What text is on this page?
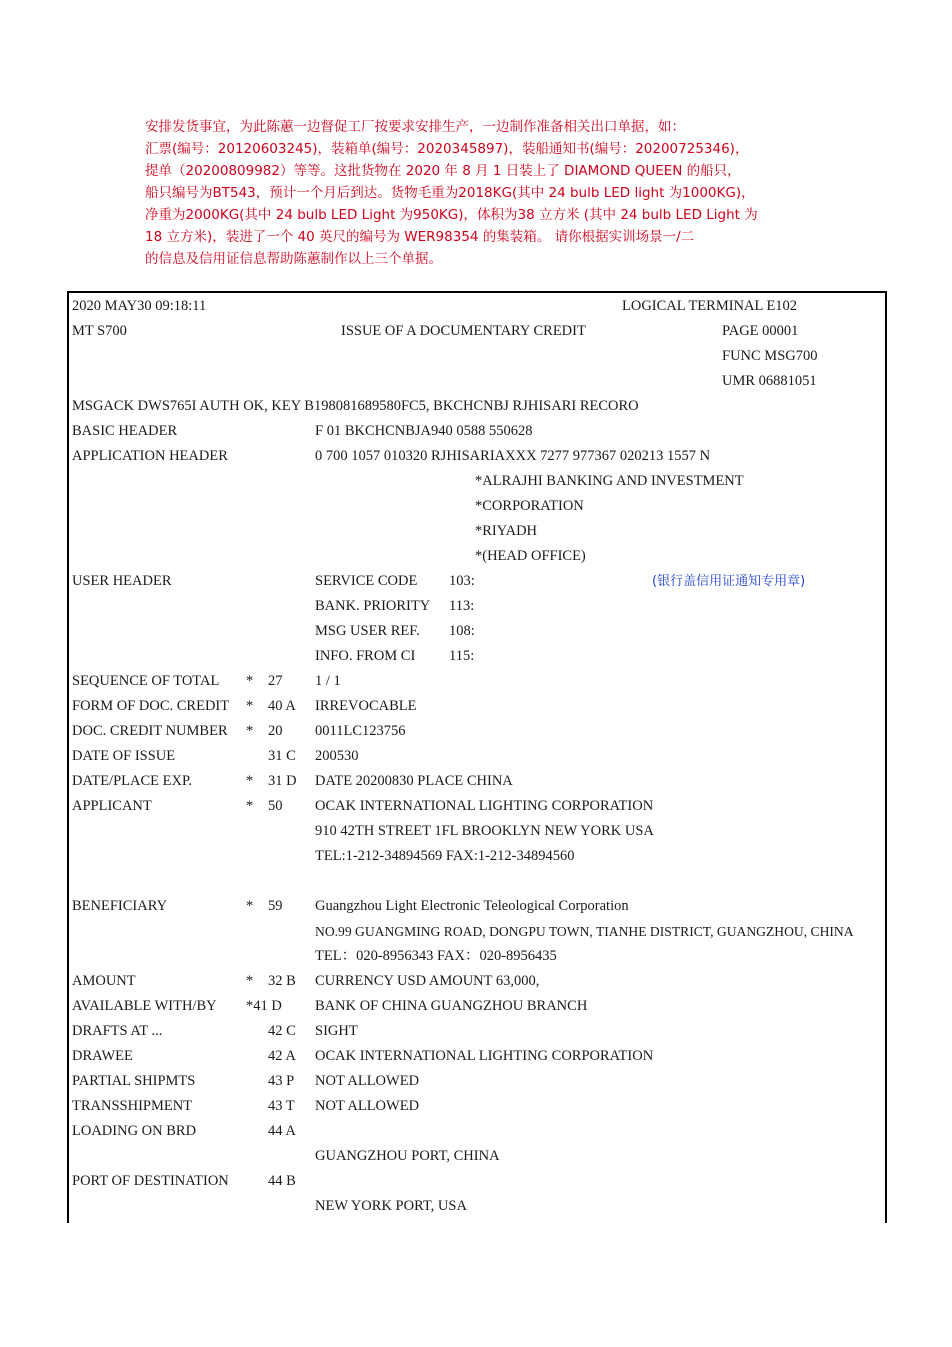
安排发货事宜，为此陈蕙一边督促工厂按要求安排生产，一边制作准备相关出口单据，如：
汇票(编号：20120603245)，装箱单(编号：2020345897)，装船通知书(编号：20200725346)，
提单（20200809982）等等。这批货物在 2020 年 8 月 1 日装上了 DIAMOND QUEEN 的船只，
船只编号为BT543，预计一个月后到达。货物毛重为2018KG(其中 24 bulb LED light 为1000KG)，
净重为2000KG(其中 24 bulb LED Light 为950KG)，体积为38 立方米 (其中 24 bulb LED Light 为
18 立方米)，装进了一个 40 英尺的编号为 WER98354 的集装箱。 请你根据实训场景一/二
的信息及信用证信息帮助陈蕙制作以上三个单据。
2020 MAY30 09:18:11	LOGICAL TERMINAL E102
MT S700	ISSUE OF A DOCUMENTARY CREDIT	PAGE 00001
FUNC MSG700
UMR 06881051
MSGACK DWS765I AUTH OK, KEY B198081689580FC5, BKCHCNBJ RJHISARI RECORO
BASIC HEADER	F 01 BKCHCNBJA940 0588 550628
APPLICATION HEADER	0 700 1057 010320 RJHISARIAXXX 7277 977367 020213 1557 N
*ALRAJHI BANKING AND INVESTMENT
*CORPORATION
*RIYADH
*(HEAD OFFICE)
USER HEADER	SERVICE CODE 103:	(银行盖信用证通知专用章)
BANK. PRIORITY 113:
MSG USER REF. 108:
INFO. FROM CI 115:
SEQUENCE OF TOTAL * 27 1 / 1
FORM OF DOC. CREDIT * 40 A IRREVOCABLE
DOC. CREDIT NUMBER * 20 0011LC123756
DATE OF ISSUE	31 C 200530
DATE/PLACE EXP.	* 31 D DATE 20200830 PLACE CHINA
APPLICANT	* 50 OCAK INTERNATIONAL LIGHTING CORPORATION
910 42TH STREET 1FL BROOKLYN NEW YORK USA
TEL:1-212-34894569 FAX:1-212-34894560
BENEFICIARY	* 59 Guangzhou Light Electronic Teleological Corporation
NO.99 GUANGMING ROAD, DONGPU TOWN, TIANHE DISTRICT, GUANGZHOU, CHINA
TEL：020-8956343 FAX：020-8956435
AMOUNT	* 32 B CURRENCY USD AMOUNT 63,000,
AVAILABLE WITH/BY *41 D BANK OF CHINA GUANGZHOU BRANCH
DRAFTS AT ...	42 C SIGHT
DRAWEE	42 A OCAK INTERNATIONAL LIGHTING CORPORATION
PARTIAL SHIPMTS	43 P NOT ALLOWED
TRANSSHIPMENT	43 T NOT ALLOWED
LOADING ON BRD	44 A
GUANGZHOU PORT, CHINA
PORT OF DESTINATION	44 B
NEW YORK PORT, USA
